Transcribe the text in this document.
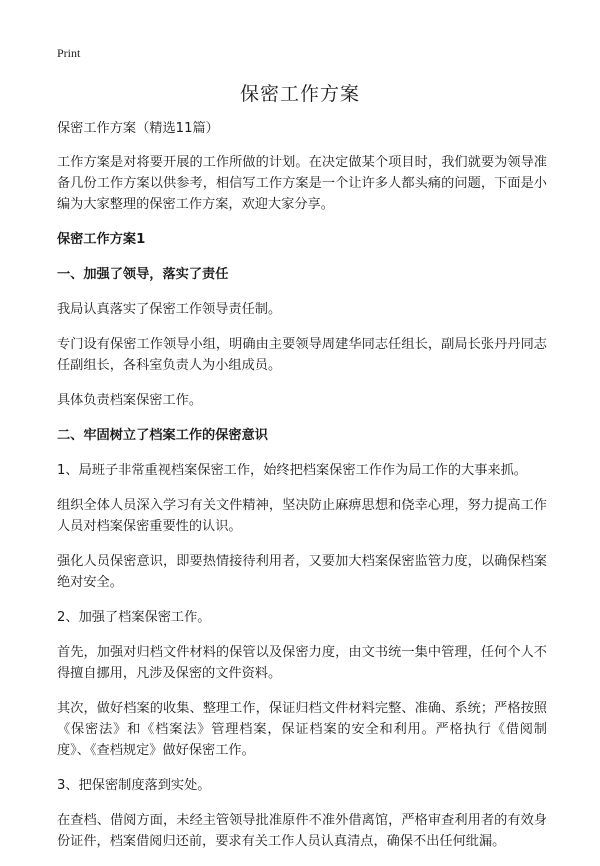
Print
保密工作方案

保密工作方案（精选11篇）

工作方案是对将要开展的工作所做的计划。在决定做某个项目时，我们就要为领导准备几份工作方案以供参考，相信写工作方案是一个让许多人都头痛的问题，下面是小编为大家整理的保密工作方案，欢迎大家分享。

保密工作方案1

一、加强了领导，落实了责任

我局认真落实了保密工作领导责任制。

专门设有保密工作领导小组，明确由主要领导周建华同志任组长，副局长张丹丹同志任副组长，各科室负责人为小组成员。

具体负责档案保密工作。

二、牢固树立了档案工作的保密意识

1、局班子非常重视档案保密工作，始终把档案保密工作作为局工作的大事来抓。

组织全体人员深入学习有关文件精神，坚决防止麻痹思想和侥幸心理，努力提高工作人员对档案保密重要性的认识。

强化人员保密意识，即要热情接待利用者，又要加大档案保密监管力度，以确保档案绝对安全。

2、加强了档案保密工作。

首先，加强对归档文件材料的保管以及保密力度，由文书统一集中管理，任何个人不得擅自挪用，凡涉及保密的文件资料。

其次，做好档案的收集、整理工作，保证归档文件材料完整、准确、系统；严格按照《保密法》和《档案法》管理档案，保证档案的安全和利用。严格执行《借阅制度》、《查档规定》做好保密工作。

3、把保密制度落到实处。

在查档、借阅方面，未经主管领导批准原件不准外借离馆，严格审查利用者的有效身份证件，档案借阅归还前，要求有关工作人员认真清点，确保不出任何纰漏。
